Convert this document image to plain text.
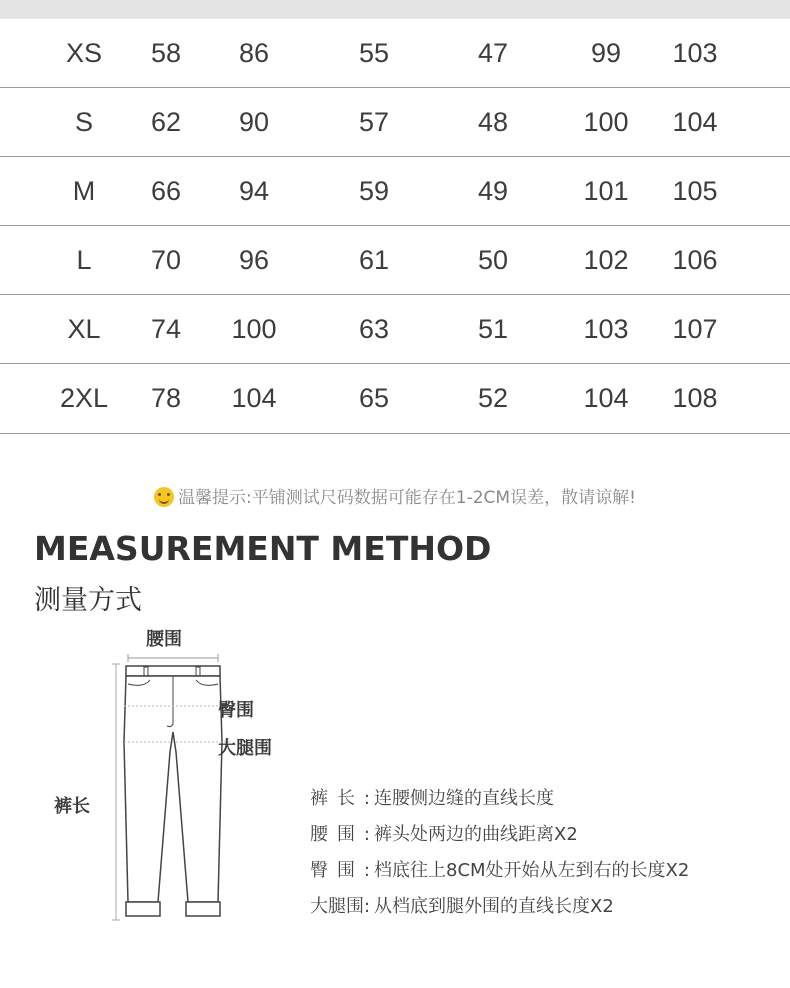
XS	58	86	55	47	99	103
S	62	90	57	48	100	104
M	66	94	59	49	101	105
L	70	96	61	50	102	106
XL	74	100	63	51	103	107
2XL	78	104	65	52	104	108
温馨提示:平铺测试尺码数据可能存在1-2CM误差，散请谅解!
MEASUREMENT METHOD
测量方式
腰围
臀围
大腿围
裤长	裤长: 连腰侧边缝的直线长度
腰围: 裤头处两边的曲线距离X2
臀围: 档底往上8CM处开始从左到右的长度X2
大腿围: 从档底到腿外围的直线长度X2
